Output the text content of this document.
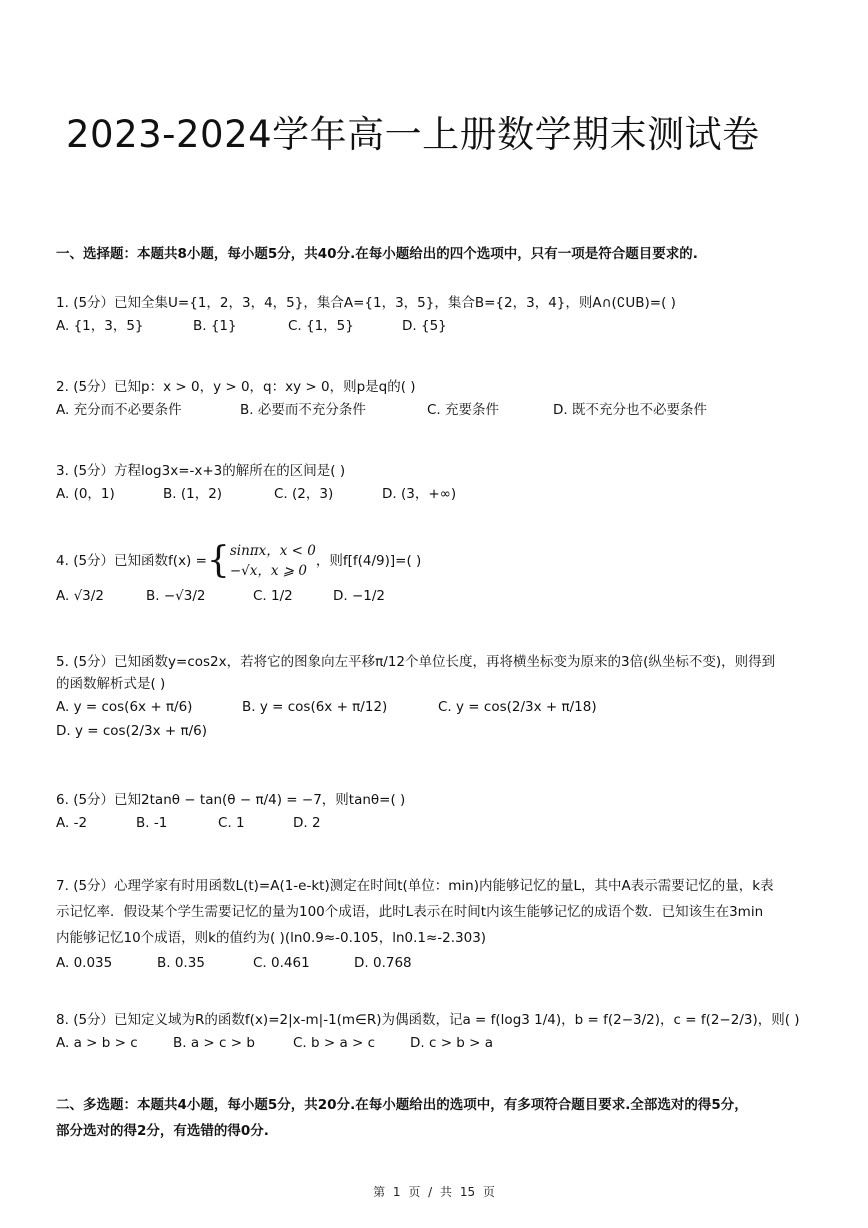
2023-2024学年高一上册数学期末测试卷
一、选择题：本题共8小题，每小题5分，共40分.在每小题给出的四个选项中，只有一项是符合题目要求的.
1. (5分）已知全集U={1，2，3，4，5}，集合A={1，3，5}，集合B={2，3，4}，则A∩(∁UB)=( )
A. {1，3，5}	B. {1}	C. {1，5}	D. {5}
2. (5分）已知p：x > 0，y > 0，q：xy > 0，则p是q的( )
A. 充分而不必要条件	B. 必要而不充分条件	C. 充要条件	D. 既不充分也不必要条件
3. (5分）方程log3x=-x+3的解所在的区间是( )
A. (0，1)	B. (1，2)	C. (2，3)	D. (3，+∞)
4.
(5分）已知函数f(x) = { sinπx，x < 0
−√x，x ⩾ 0
，则f[f(4/9)]=( )
A. √3/2	B. −√3/2	C. 1/2	D. −1/2
5. (5分）已知函数y=cos2x，若将它的图象向左平移π/12个单位长度，再将横坐标变为原来的3倍(纵坐标不变)，则得到
的函数解析式是( )
A. y = cos(6x + π/6)	B. y = cos(6x + π/12)	C. y = cos(2/3x + π/18)
D. y = cos(2/3x + π/6)
6. (5分）已知2tanθ − tan(θ − π/4) = −7，则tanθ=( )
A. -2	B. -1	C. 1	D. 2
7. (5分）心理学家有时用函数L(t)=A(1-e-kt)测定在时间t(单位：min)内能够记忆的量L，其中A表示需要记忆的量，k表
示记忆率．假设某个学生需要记忆的量为100个成语，此时L表示在时间t内该生能够记忆的成语个数．已知该生在3min
内能够记忆10个成语，则k的值约为( )(ln0.9≈-0.105，ln0.1≈-2.303)
A. 0.035	B. 0.35	C. 0.461	D. 0.768
8. (5分）已知定义域为R的函数f(x)=2|x-m|-1(m∈R)为偶函数，记a = f(log3 1/4)，b = f(2−3/2)，c = f(2−2/3)，则( )
A. a > b > c	B. a > c > b	C. b > a > c	D. c > b > a
二、多选题：本题共4小题，每小题5分，共20分.在每小题给出的选项中，有多项符合题目要求.全部选对的得5分，
部分选对的得2分，有选错的得0分.
第 1 页 / 共 15 页
